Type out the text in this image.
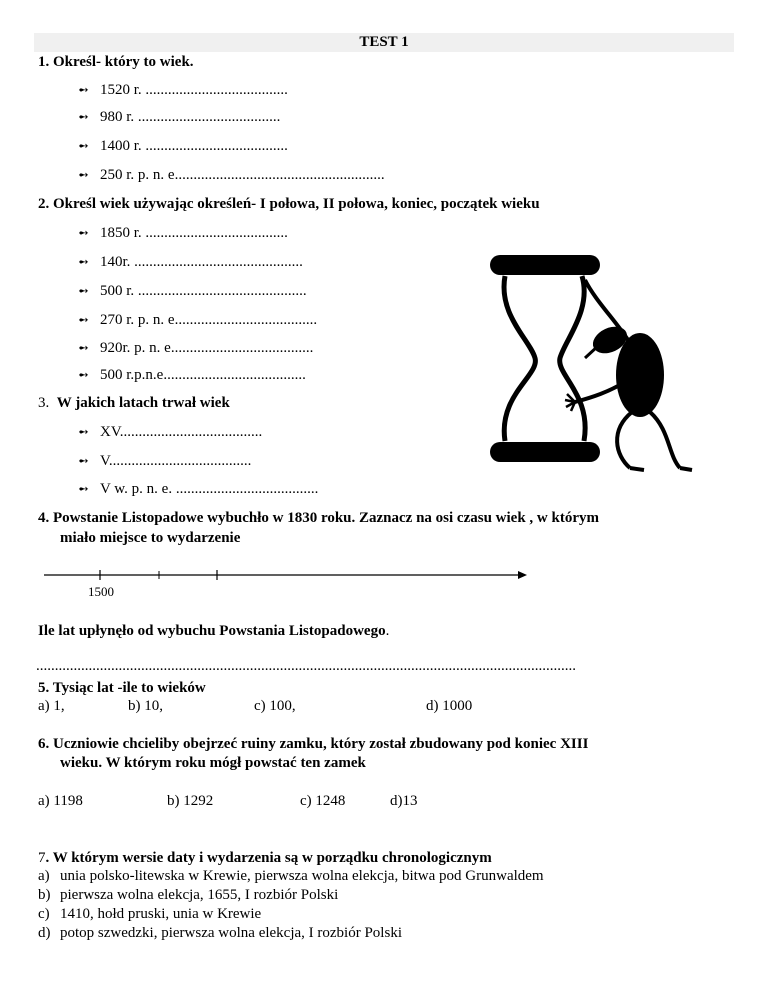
TEST 1
1. Określ- który to wiek.
➻ 1520 r. ......................................
➻ 980 r. ......................................
➻ 1400 r. ......................................
➻ 250 r. p. n. e........................................................
2. Określ wiek używając określeń- I połowa, II połowa, koniec, początek wieku
➻ 1850 r. ......................................
➻ 140r. .............................................
➻ 500 r. .............................................
➻ 270 r. p. n. e......................................
➻ 920r. p. n. e......................................
➻ 500 r.p.n.e......................................
3. W jakich latach trwał wiek
➻ XV......................................
➻ V......................................
➻ V w. p. n. e. ......................................
4. Powstanie Listopadowe wybuchło w 1830 roku. Zaznacz na osi czasu wiek , w którym
miało miejsce to wydarzenie
1500
Ile lat upłynęło od wybuchu Powstania Listopadowego.
................................................................................................................................................
5. Tysiąc lat -ile to wieków
a) 1,	b) 10,	c) 100,	d) 1000
6. Uczniowie chcieliby obejrzeć ruiny zamku, który został zbudowany pod koniec XIII
wieku. W którym roku mógł powstać ten zamek
a) 1198	b) 1292	c) 1248	d)13
7. W którym wersie daty i wydarzenia są w porządku chronologicznym
a) unia polsko-litewska w Krewie, pierwsza wolna elekcja, bitwa pod Grunwaldem
b) pierwsza wolna elekcja, 1655, I rozbiór Polski
c) 1410, hołd pruski, unia w Krewie
d) potop szwedzki, pierwsza wolna elekcja, I rozbiór Polski
